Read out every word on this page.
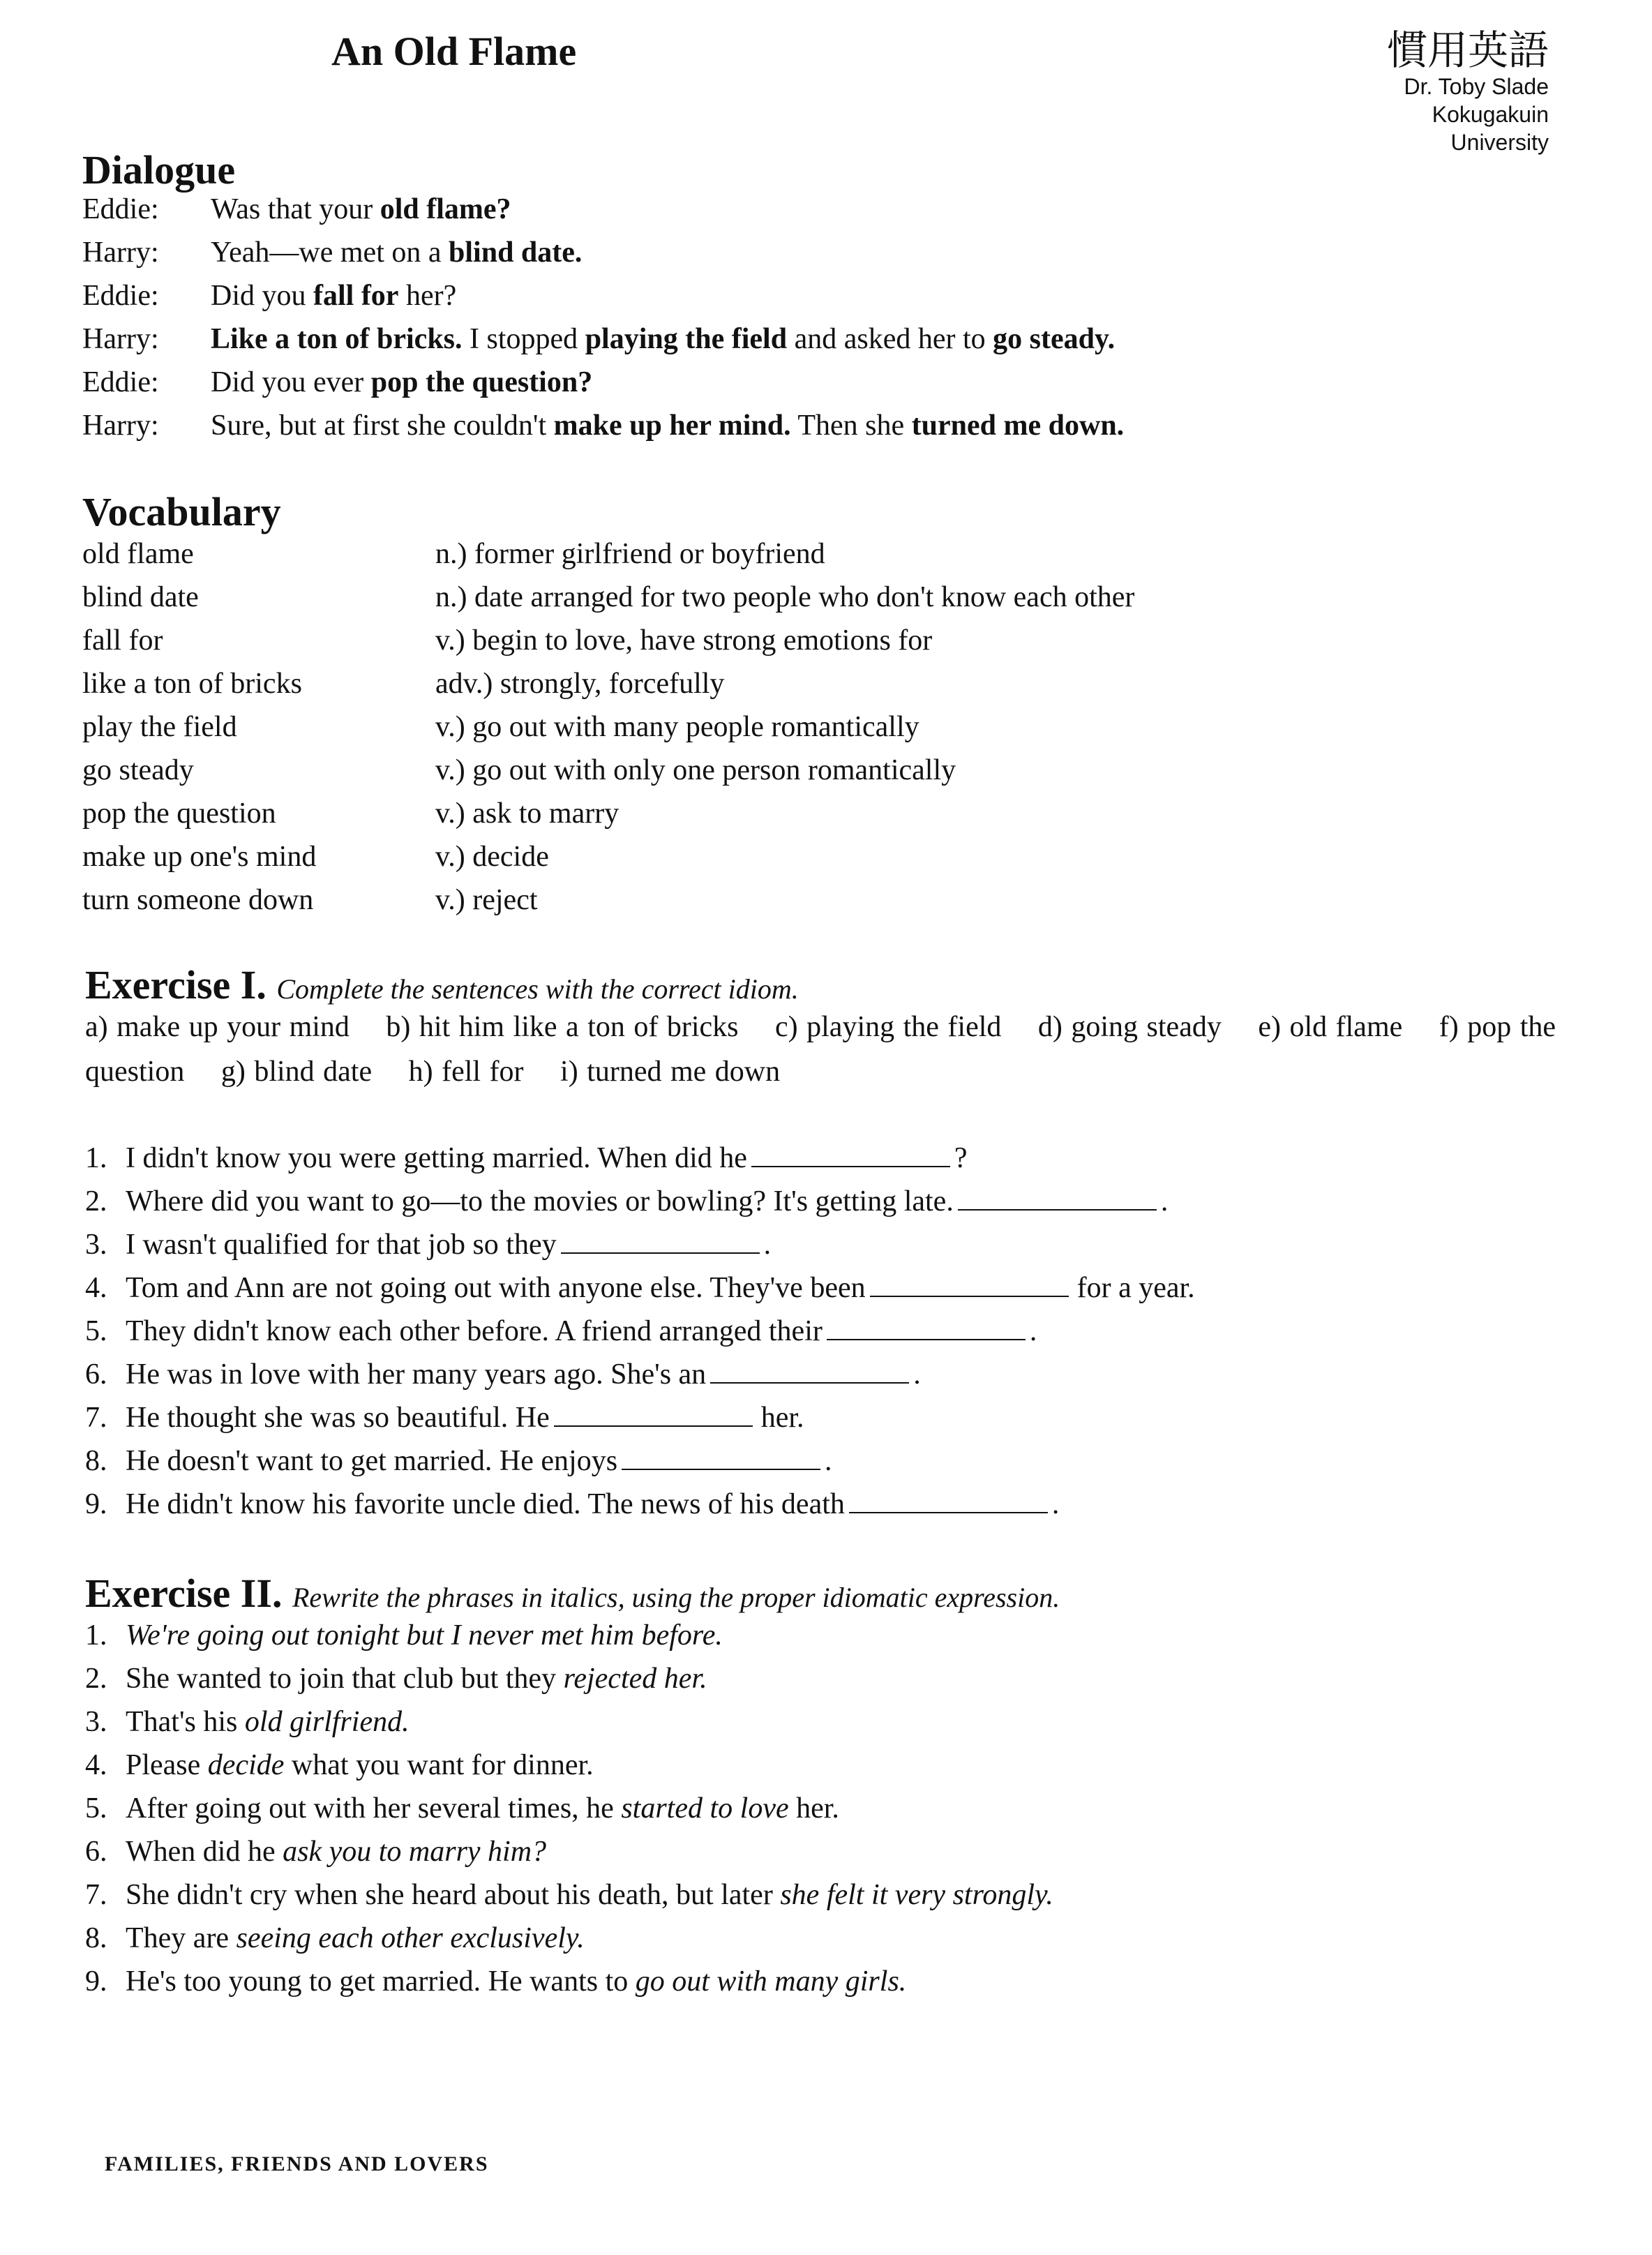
An Old Flame	慣用英語
Dr. Toby Slade
Kokugakuin
University
Dialogue
Eddie:	Was that your old flame?
Harry:	Yeah—we met on a blind date.
Eddie:	Did you fall for her?
Harry:	Like a ton of bricks. I stopped playing the field and asked her to go steady.
Eddie:	Did you ever pop the question?
Harry:	Sure, but at first she couldn't make up her mind. Then she turned me down.
Vocabulary
old flame	n.) former girlfriend or boyfriend
blind date	n.) date arranged for two people who don't know each other
fall for	v.) begin to love, have strong emotions for
like a ton of bricks	adv.) strongly, forcefully
play the field	v.) go out with many people romantically
go steady	v.) go out with only one person romantically
pop the question	v.) ask to marry
make up one's mind	v.) decide
turn someone down	v.) reject
Exercise I. Complete the sentences with the correct idiom.
a) make up your mind b) hit him like a ton of bricks c) playing the field d) going steady e) old flame f) pop the question g) blind date h) fell for i) turned me down
1. I didn't know you were getting married. When did he	?
2. Where did you want to go—to the movies or bowling? It's getting late.	.
3. I wasn't qualified for that job so they	.
4. Tom and Ann are not going out with anyone else. They've been	for a year.
5. They didn't know each other before. A friend arranged their	.
6. He was in love with her many years ago. She's an	.
7. He thought she was so beautiful. He	her.
8. He doesn't want to get married. He enjoys	.
9. He didn't know his favorite uncle died. The news of his death	.
Exercise II. Rewrite the phrases in italics, using the proper idiomatic expression.
1. We're going out tonight but I never met him before.
2. She wanted to join that club but they rejected her.
3. That's his old girlfriend.
4. Please decide what you want for dinner.
5. After going out with her several times, he started to love her.
6. When did he ask you to marry him?
7. She didn't cry when she heard about his death, but later she felt it very strongly.
8. They are seeing each other exclusively.
9. He's too young to get married. He wants to go out with many girls.
FAMILIES, FRIENDS AND LOVERS
